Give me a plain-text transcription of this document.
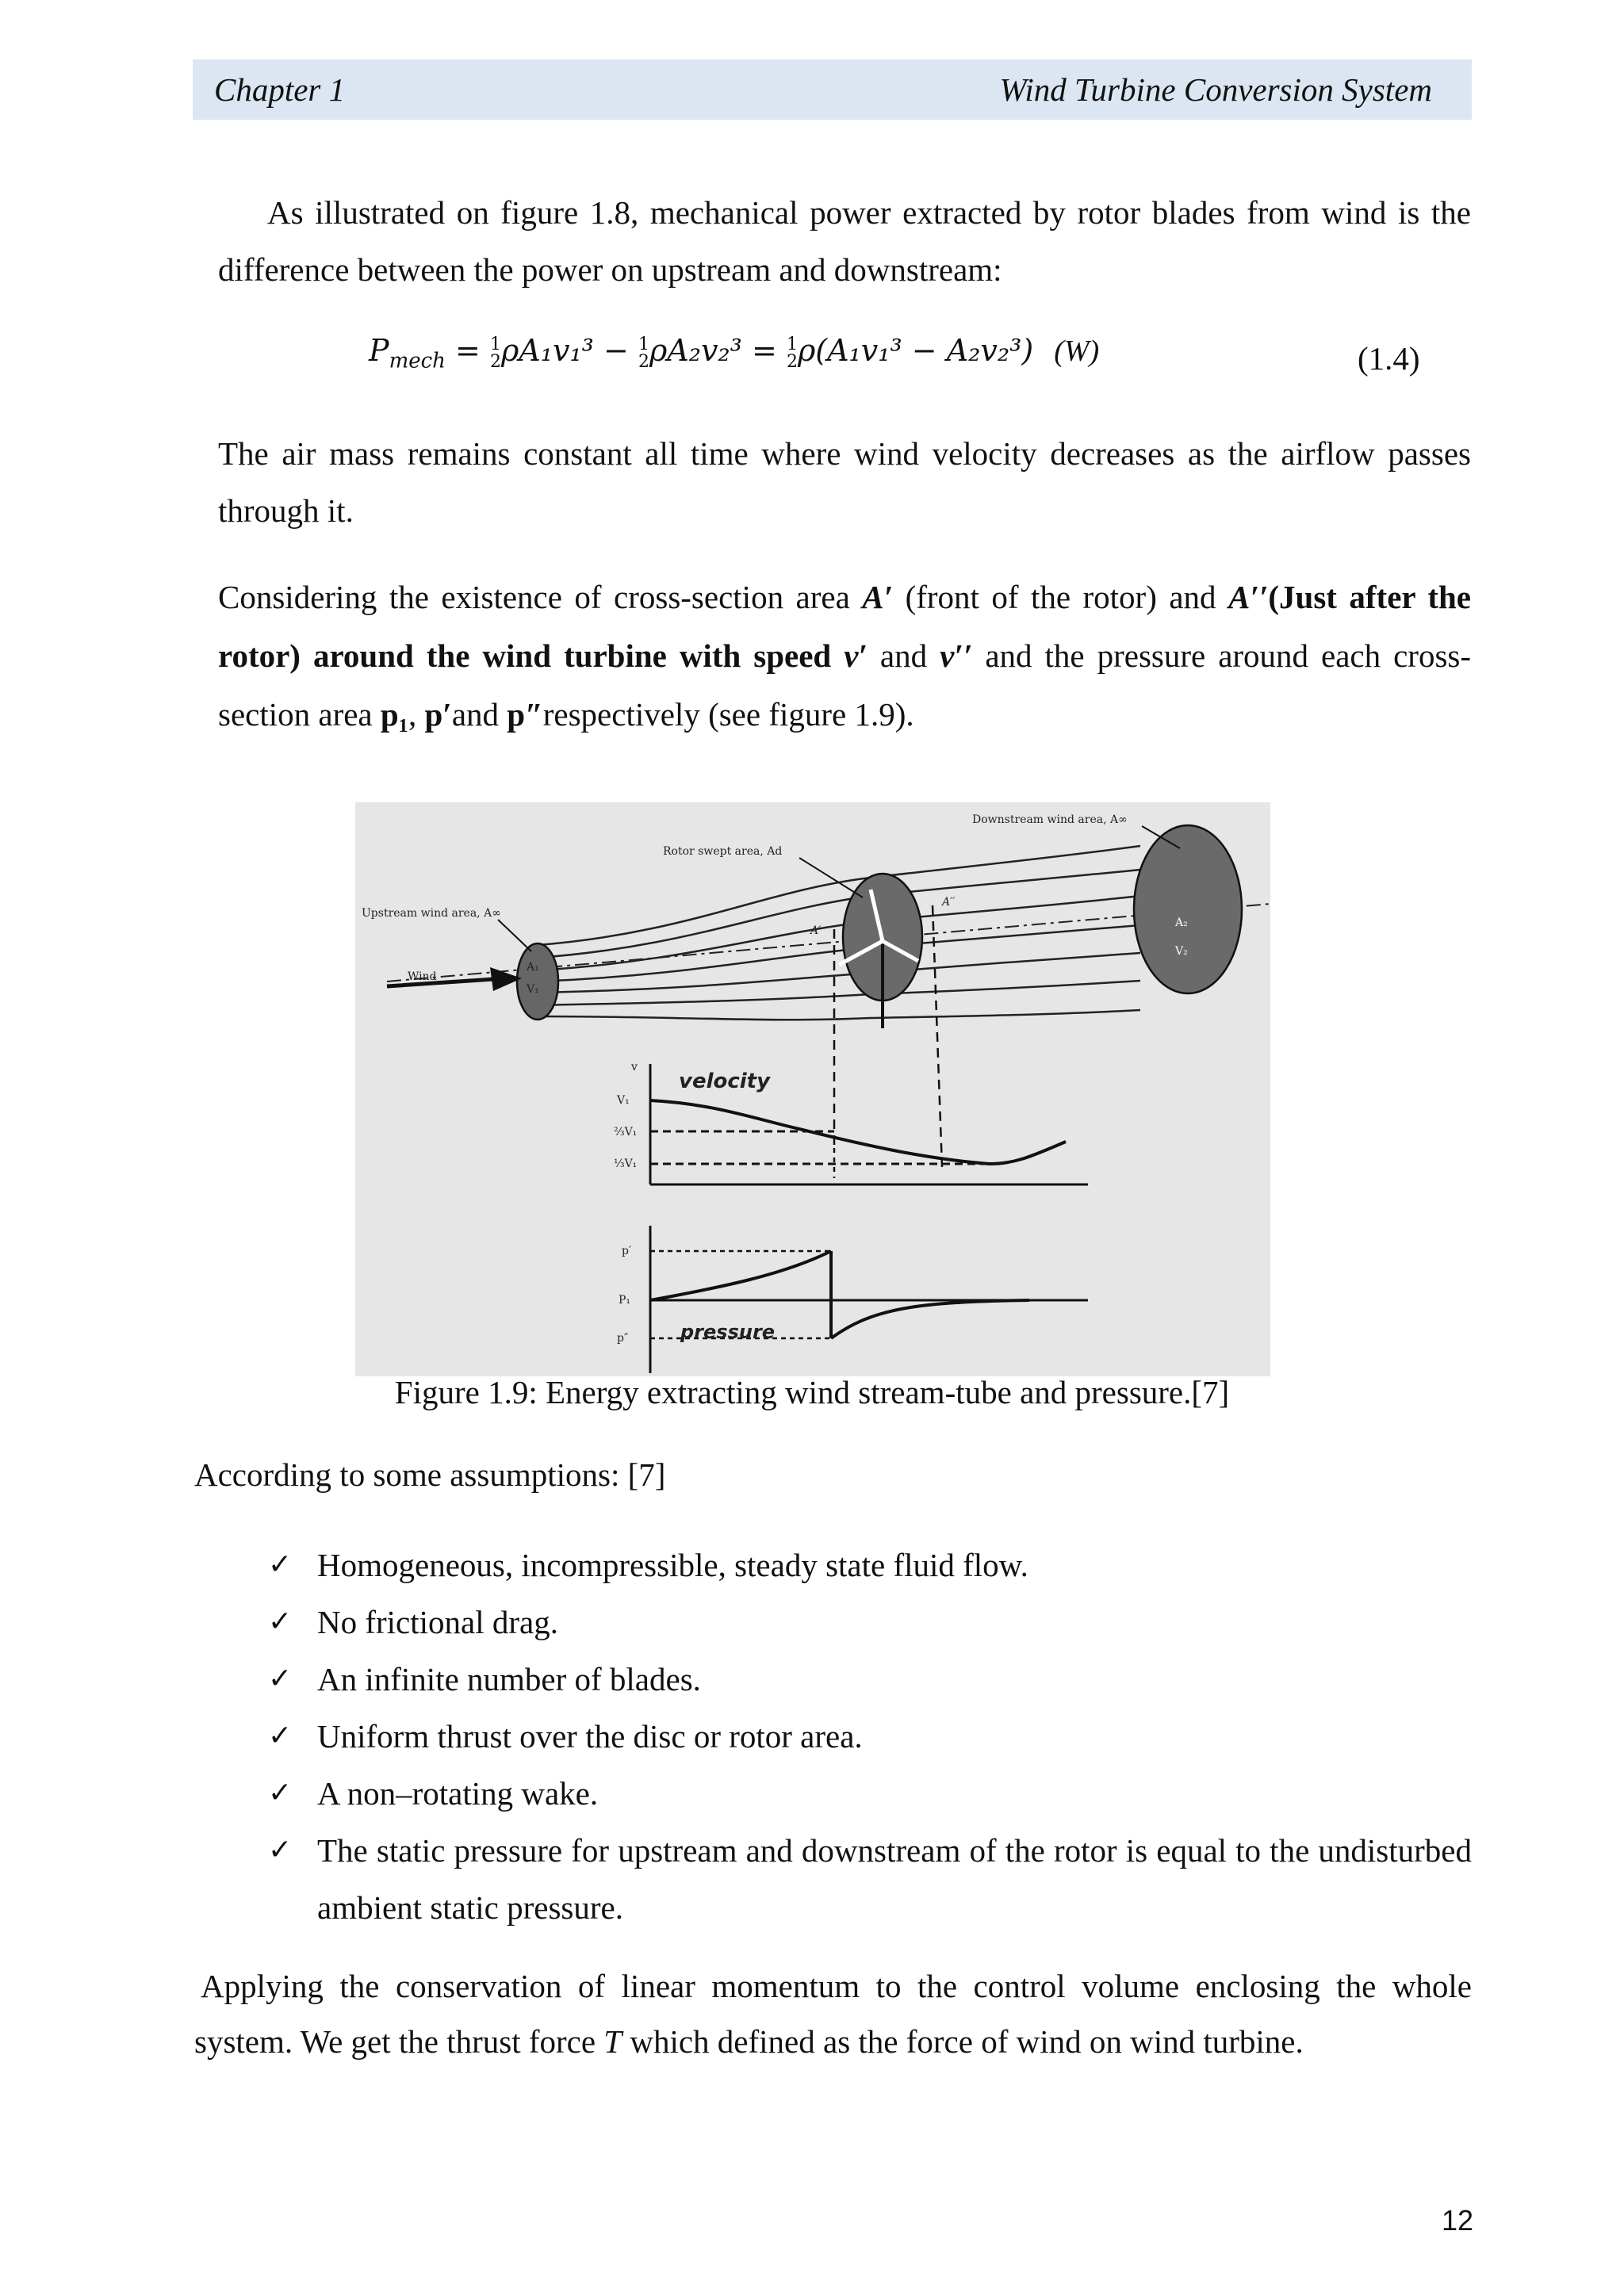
Chapter 1	Wind Turbine Conversion System
As illustrated on figure 1.8, mechanical power extracted by rotor blades from wind is the difference between the power on upstream and downstream:
$P_{mech} = 1$
2ρA₁v₁³ − 1
2ρA₂v₂³ = 1
2ρ(A₁v₁³ − A₂v₂³) (W)	(1.4)
The air mass remains constant all time where wind velocity decreases as the airflow passes through it.
Considering the existence of cross-section area A′ (front of the rotor) and A′′(Just after the rotor) around the wind turbine with speed v′ and v′′ and the pressure around each cross-section area p₁, p′and p″respectively (see figure 1.9).
Downstream wind area, A∞
Rotor swept area, Ad
Upstream wind area, A∞
Wind
A₁
V₁
A₂
V₂
A′
A′′
v
velocity
V₁
⅔V₁
⅓V₁
p′
P₁
p″	pressure
Figure 1.9: Energy extracting wind stream-tube and pressure.[7]
According to some assumptions: [7]
✓ Homogeneous, incompressible, steady state fluid flow.
✓ No frictional drag.
✓ An infinite number of blades.
✓ Uniform thrust over the disc or rotor area.
✓ A non–rotating wake.
✓ The static pressure for upstream and downstream of the rotor is equal to the undisturbed ambient static pressure.
Applying the conservation of linear momentum to the control volume enclosing the whole system. We get the thrust force T which defined as the force of wind on wind turbine.
12
